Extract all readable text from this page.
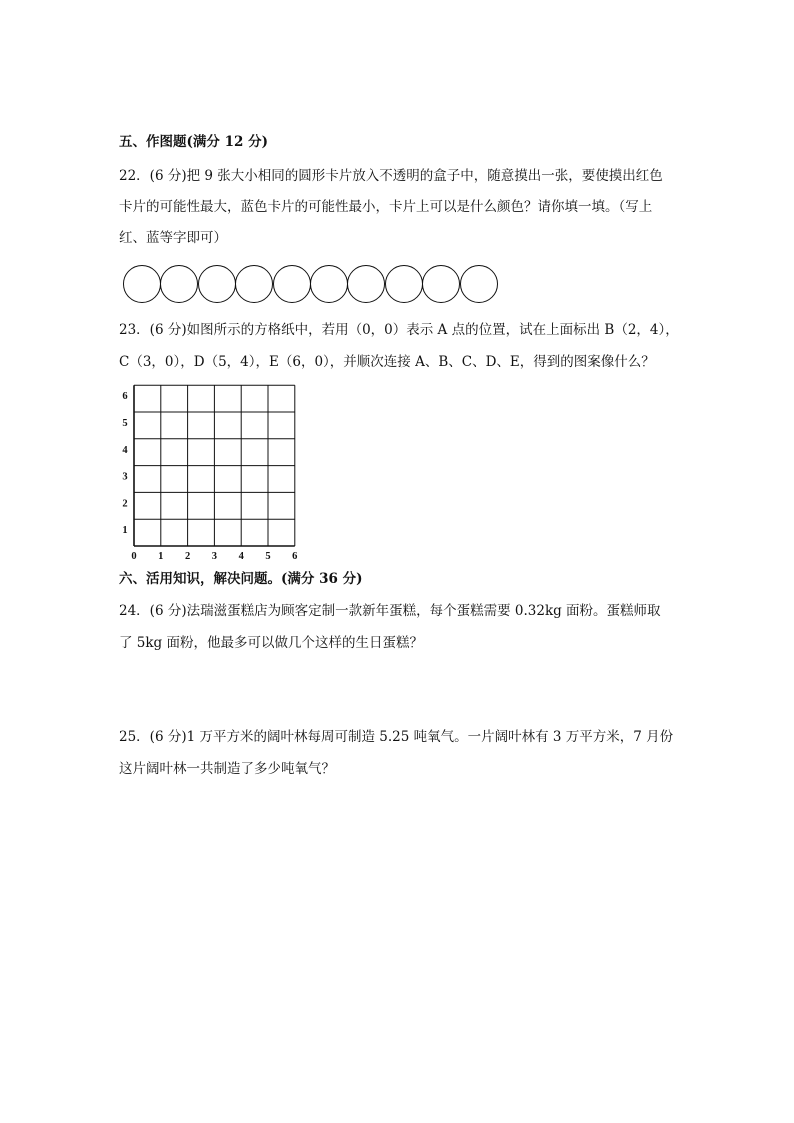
五、作图题(满分 12 分)
22．(6 分)把 9 张大小相同的圆形卡片放入不透明的盒子中，随意摸出一张，要使摸出红色
卡片的可能性最大，蓝色卡片的可能性最小，卡片上可以是什么颜色？请你填一填。（写上
红、蓝等字即可）
23．(6 分)如图所示的方格纸中，若用（0，0）表示 A 点的位置，试在上面标出 B（2，4），
C（3，0），D（5，4），E（6，0），并顺次连接 A、B、C、D、E，得到的图案像什么？
0 1 2 3 4 5 6
1
2
3
4
5
6
六、活用知识，解决问题。(满分 36 分)
24．(6 分)法瑞滋蛋糕店为顾客定制一款新年蛋糕，每个蛋糕需要 0.32kg 面粉。蛋糕师取
了 5kg 面粉，他最多可以做几个这样的生日蛋糕？
25．(6 分)1 万平方米的阔叶林每周可制造 5.25 吨氧气。一片阔叶林有 3 万平方米，7 月份
这片阔叶林一共制造了多少吨氧气？
